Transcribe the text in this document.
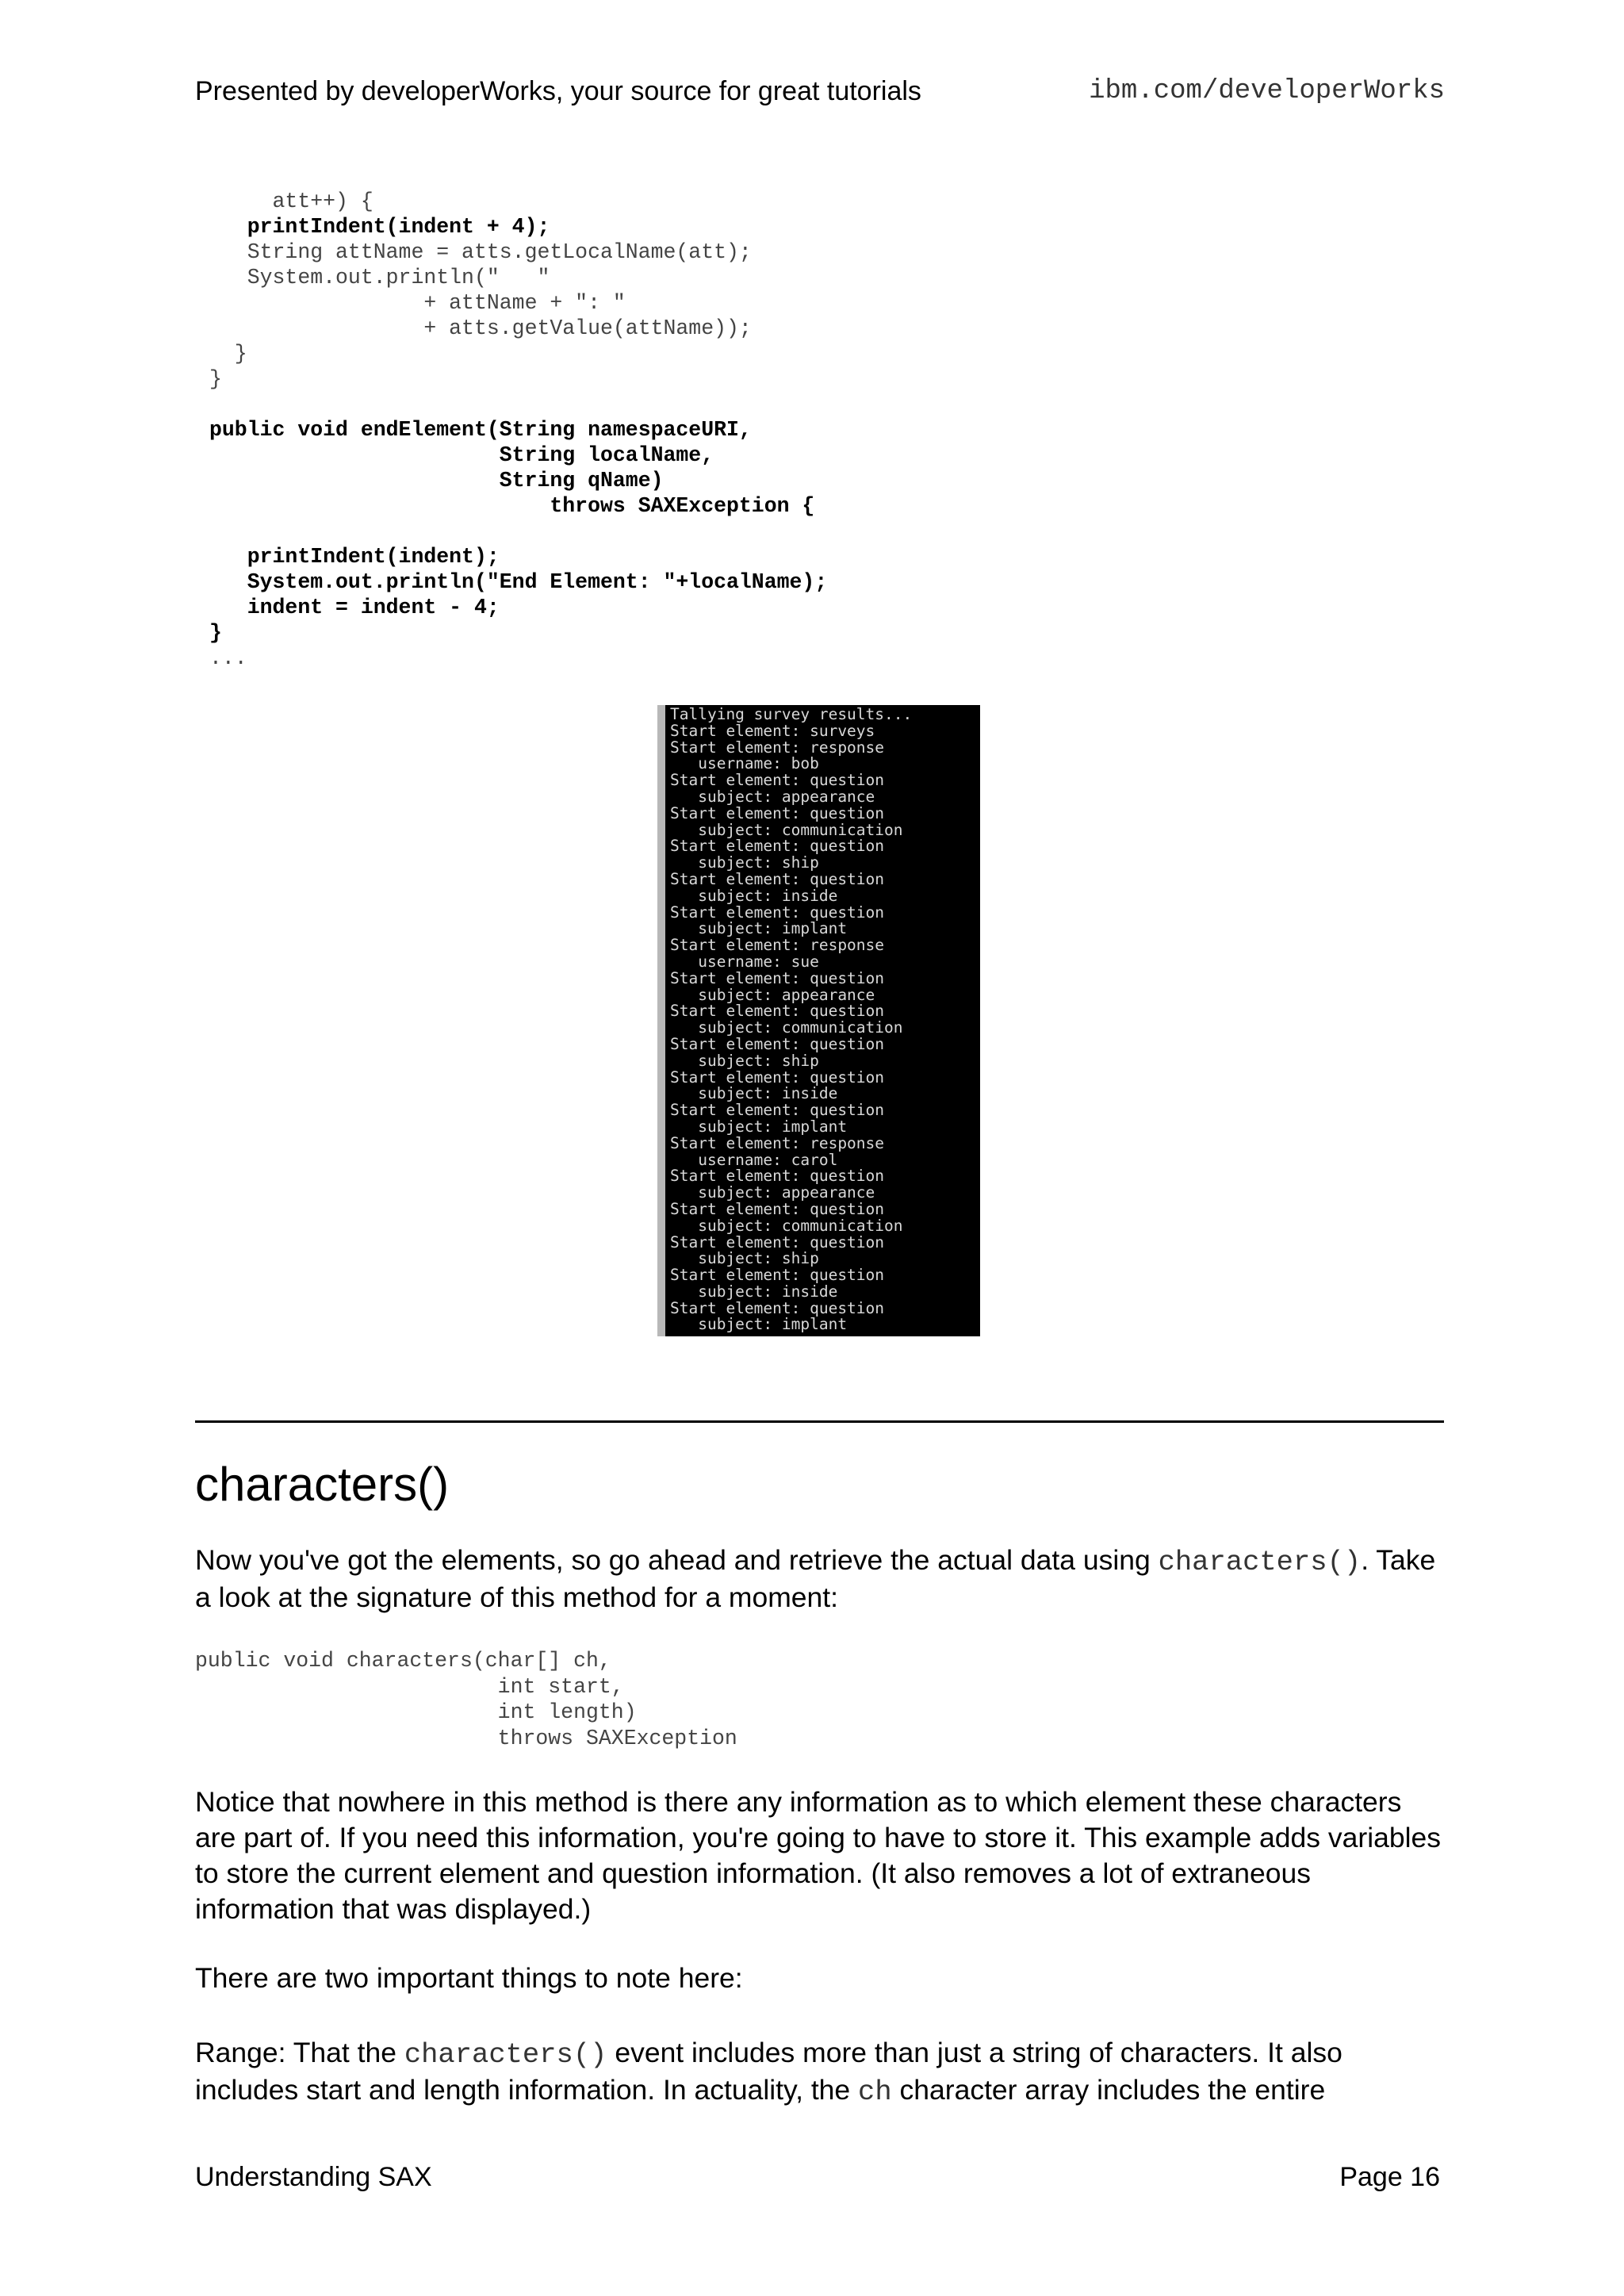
Presented by developerWorks, your source for great tutorials	ibm.com/developerWorks
att++) {
printIndent(indent + 4);
String attName = atts.getLocalName(att);
System.out.println("   "
+ attName + ": "
+ atts.getValue(attName));
}
}

public void endElement(String namespaceURI,
String localName,
String qName)
throws SAXException {

printIndent(indent);
System.out.println("End Element: "+localName);
indent = indent - 4;
}
...

Tallying survey results...
Start element: surveys
Start element: response
username: bob
Start element: question
subject: appearance
Start element: question
subject: communication
Start element: question
subject: ship
Start element: question
subject: inside
Start element: question
subject: implant
Start element: response
username: sue
Start element: question
subject: appearance
Start element: question
subject: communication
Start element: question
subject: ship
Start element: question
subject: inside
Start element: question
subject: implant
Start element: response
username: carol
Start element: question
subject: appearance
Start element: question
subject: communication
Start element: question
subject: ship
Start element: question
subject: inside
Start element: question
subject: implant
characters()

Now you've got the elements, so go ahead and retrieve the actual data using characters(). Take a look at the signature of this method for a moment:

public void characters(char[] ch,
int start,
int length)
throws SAXException

Notice that nowhere in this method is there any information as to which element these characters are part of. If you need this information, you're going to have to store it. This example adds variables to store the current element and question information. (It also removes a lot of extraneous information that was displayed.)

There are two important things to note here:

Range: That the characters() event includes more than just a string of characters. It also includes start and length information. In actuality, the ch character array includes the entire

Understanding SAX	Page 16
